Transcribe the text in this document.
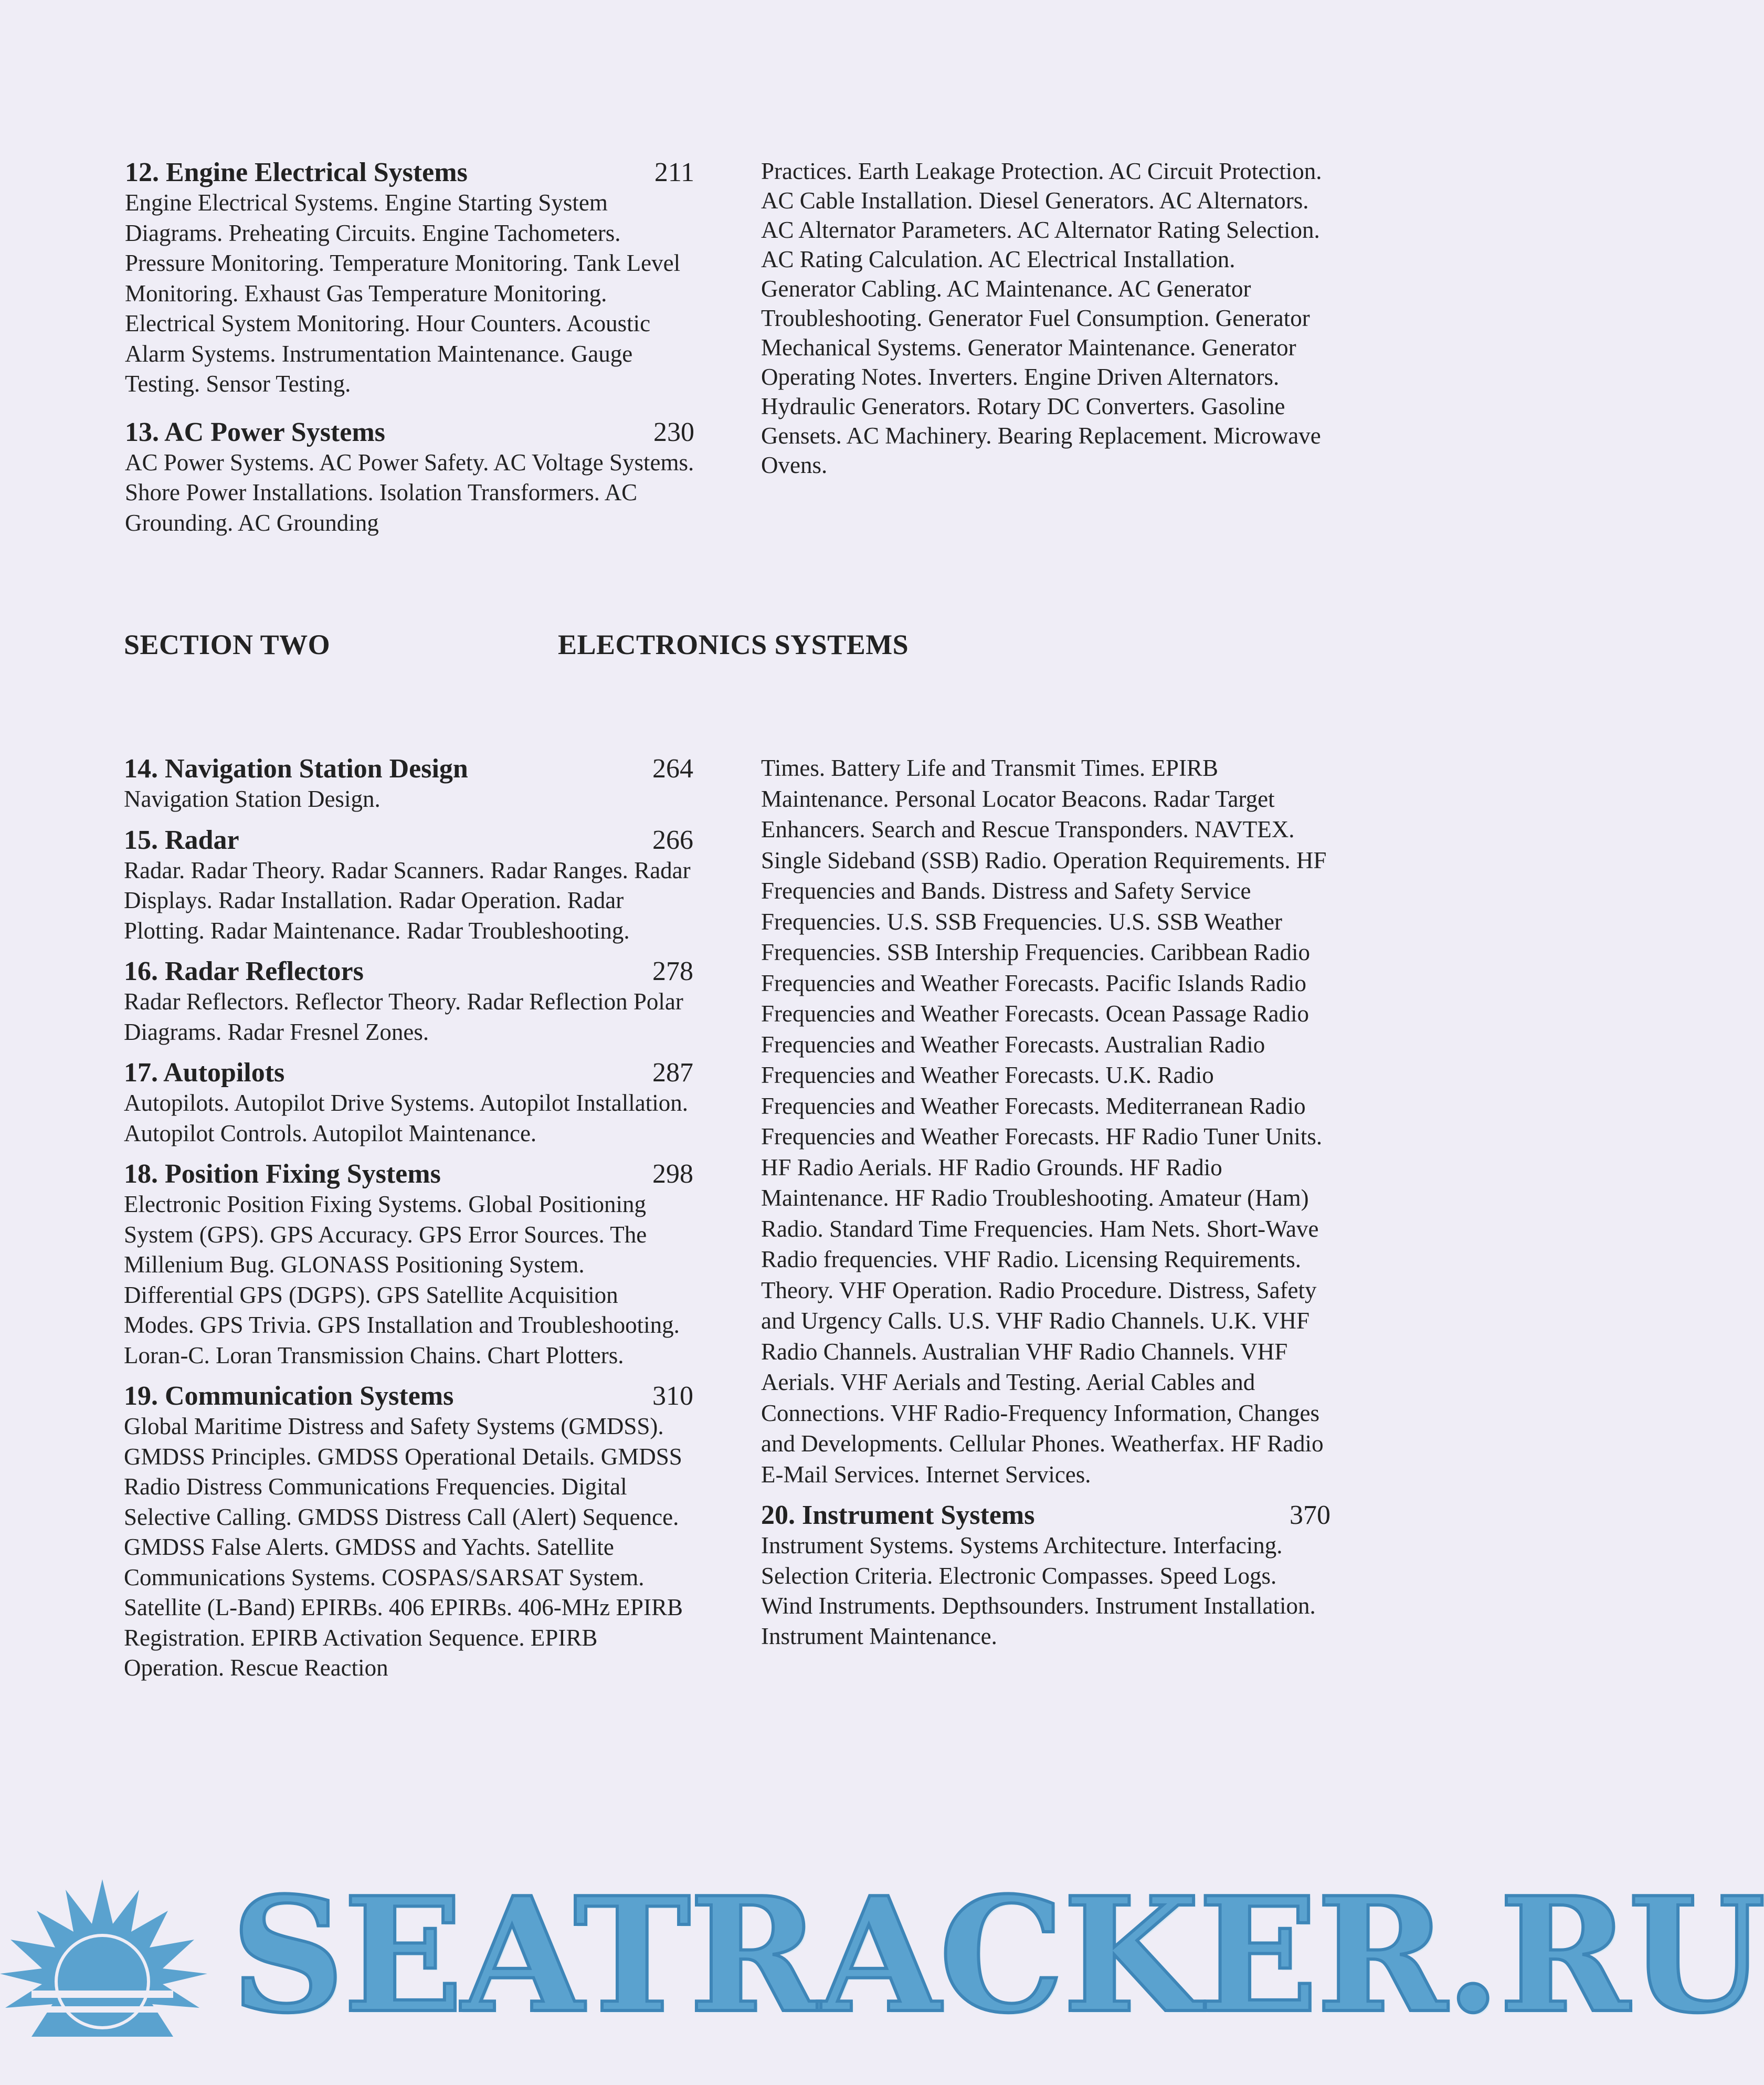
12. Engine Electrical Systems	211
Engine Electrical Systems. Engine Starting System Diagrams. Preheating Circuits. Engine Tachometers. Pressure Monitoring. Temperature Monitoring. Tank Level Monitoring. Exhaust Gas Temperature Monitoring. Electrical System Monitoring. Hour Counters. Acoustic Alarm Systems. Instrumentation Maintenance. Gauge Testing. Sensor Testing.
13. AC Power Systems	230
AC Power Systems. AC Power Safety. AC Voltage Systems. Shore Power Installations. Isolation Transformers. AC Grounding. AC Grounding
Practices. Earth Leakage Protection. AC Circuit Protection. AC Cable Installation. Diesel Generators. AC Alternators. AC Alternator Parameters. AC Alternator Rating Selection. AC Rating Calculation. AC Electrical Installation. Generator Cabling. AC Maintenance. AC Generator Troubleshooting. Generator Fuel Consumption. Generator Mechanical Systems. Generator Maintenance. Generator Operating Notes. Inverters. Engine Driven Alternators. Hydraulic Generators. Rotary DC Converters. Gasoline Gensets. AC Machinery. Bearing Replacement. Microwave Ovens.
SECTION TWO	ELECTRONICS SYSTEMS
14. Navigation Station Design	264
Navigation Station Design.
15. Radar	266
Radar. Radar Theory. Radar Scanners. Radar Ranges. Radar Displays. Radar Installation. Radar Operation. Radar Plotting. Radar Maintenance. Radar Troubleshooting.
16. Radar Reflectors	278
Radar Reflectors. Reflector Theory. Radar Reflection Polar Diagrams. Radar Fresnel Zones.
17. Autopilots	287
Autopilots. Autopilot Drive Systems. Autopilot Installation. Autopilot Controls. Autopilot Maintenance.
18. Position Fixing Systems	298
Electronic Position Fixing Systems. Global Positioning System (GPS). GPS Accuracy. GPS Error Sources. The Millenium Bug. GLONASS Positioning System. Differential GPS (DGPS). GPS Satellite Acquisition Modes. GPS Trivia. GPS Installation and Troubleshooting. Loran-C. Loran Transmission Chains. Chart Plotters.
19. Communication Systems	310
Global Maritime Distress and Safety Systems (GMDSS). GMDSS Principles. GMDSS Operational Details. GMDSS Radio Distress Communications Frequencies. Digital Selective Calling. GMDSS Distress Call (Alert) Sequence. GMDSS False Alerts. GMDSS and Yachts. Satellite Communications Systems. COSPAS/SARSAT System. Satellite (L-Band) EPIRBs. 406 EPIRBs. 406-MHz EPIRB Registration. EPIRB Activation Sequence. EPIRB Operation. Rescue Reaction
Times. Battery Life and Transmit Times. EPIRB Maintenance. Personal Locator Beacons. Radar Target Enhancers. Search and Rescue Transponders. NAVTEX. Single Sideband (SSB) Radio. Operation Requirements. HF Frequencies and Bands. Distress and Safety Service Frequencies. U.S. SSB Frequencies. U.S. SSB Weather Frequencies. SSB Intership Frequencies. Caribbean Radio Frequencies and Weather Forecasts. Pacific Islands Radio Frequencies and Weather Forecasts. Ocean Passage Radio Frequencies and Weather Forecasts. Australian Radio Frequencies and Weather Forecasts. U.K. Radio Frequencies and Weather Forecasts. Mediterranean Radio Frequencies and Weather Forecasts. HF Radio Tuner Units. HF Radio Aerials. HF Radio Grounds. HF Radio Maintenance. HF Radio Troubleshooting. Amateur (Ham) Radio. Standard Time Frequencies. Ham Nets. Short-Wave Radio frequencies. VHF Radio. Licensing Requirements. Theory. VHF Operation. Radio Procedure. Distress, Safety and Urgency Calls. U.S. VHF Radio Channels. U.K. VHF Radio Channels. Australian VHF Radio Channels. VHF Aerials. VHF Aerials and Testing. Aerial Cables and Connections. VHF Radio-Frequency Information, Changes and Developments. Cellular Phones. Weatherfax. HF Radio E-Mail Services. Internet Services.
20. Instrument Systems	370
Instrument Systems. Systems Architecture. Interfacing. Selection Criteria. Electronic Compasses. Speed Logs. Wind Instruments. Depthsounders. Instrument Installation. Instrument Maintenance.
SEATRACKER.RU
